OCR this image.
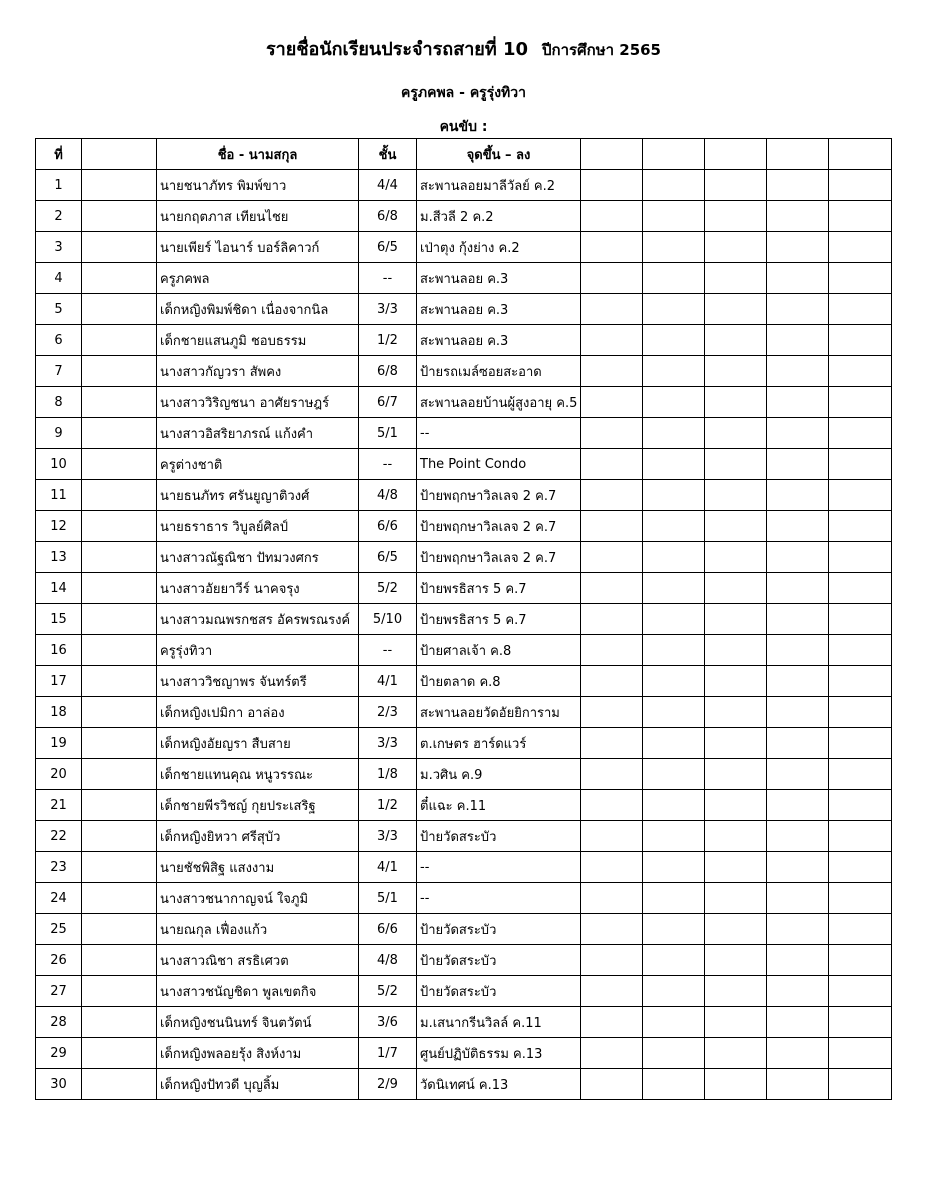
รายชื่อนักเรียนประจำรถสายที่ 10 ปีการศึกษา 2565
ครูภคพล - ครูรุ่งทิวา
คนขับ :
ที่		ชื่อ - นามสกุล	ชั้น	จุดขึ้น – ลง					
1		นายชนาภัทร พิมพ์ขาว	4/4	สะพานลอยมาลีวัลย์ ค.2					
2		นายกฤตภาส เทียนไชย	6/8	ม.สีวลี 2 ค.2					
3		นายเพียร์ ไอนาร์ บอร์ลิคาวก์	6/5	เป่าตุง กุ้งย่าง ค.2					
4		ครูภคพล	--	สะพานลอย ค.3					
5		เด็กหญิงพิมพ์ชิดา เนื่องจากนิล	3/3	สะพานลอย ค.3					
6		เด็กชายแสนภูมิ ชอบธรรม	1/2	สะพานลอย ค.3					
7		นางสาวกัญวรา สัพคง	6/8	ป้ายรถเมล์ซอยสะอาด					
8		นางสาววิริญชนา อาศัยราษฎร์	6/7	สะพานลอยบ้านผู้สูงอายุ ค.5					
9		นางสาวอิสริยาภรณ์ แก้งคำ	5/1	--					
10		ครูต่างชาติ	--	The Point Condo					
11		นายธนภัทร ศรันยูญาติวงศ์	4/8	ป้ายพฤกษาวิลเลจ 2 ค.7					
12		นายธราธาร วิบูลย์ศิลป์	6/6	ป้ายพฤกษาวิลเลจ 2 ค.7					
13		นางสาวณัฐณิชา ปัทมวงศกร	6/5	ป้ายพฤกษาวิลเลจ 2 ค.7					
14		นางสาวอัยยาวีร์ นาคจรุง	5/2	ป้ายพรธิสาร 5 ค.7					
15		นางสาวมณพรกชสร อัครพรณรงค์	5/10	ป้ายพรธิสาร 5 ค.7					
16		ครูรุ่งทิวา	--	ป้ายศาลเจ้า ค.8					
17		นางสาววิชญาพร จันทร์ตรี	4/1	ป้ายตลาด ค.8					
18		เด็กหญิงเปมิกา อาล่อง	2/3	สะพานลอยวัดอัยยิการาม					
19		เด็กหญิงอัยญรา สืบสาย	3/3	ต.เกษตร ฮาร์ดแวร์					
20		เด็กชายแทนคุณ หนูวรรณะ	1/8	ม.วศิน ค.9					
21		เด็กชายพีรวิชญ์ กุยประเสริฐ	1/2	ตี๋แฉะ ค.11					
22		เด็กหญิงยิหวา ศรีสุบัว	3/3	ป้ายวัดสระบัว					
23		นายชัชพิสิฐ แสงงาม	4/1	--					
24		นางสาวชนากาญจน์ ใจภูมิ	5/1	--					
25		นายณกุล เฟื่องแก้ว	6/6	ป้ายวัดสระบัว					
26		นางสาวณิชา สรธิเศวต	4/8	ป้ายวัดสระบัว					
27		นางสาวชนัญชิดา พูลเขตกิจ	5/2	ป้ายวัดสระบัว					
28		เด็กหญิงชนนินทร์ จินตวัตน์	3/6	ม.เสนากรีนวิลล์ ค.11					
29		เด็กหญิงพลอยรุ้ง สิงห์งาม	1/7	ศูนย์ปฏิบัติธรรม ค.13					
30		เด็กหญิงปัทวดี บุญลิ้ม	2/9	วัดนิเทศน์ ค.13					
